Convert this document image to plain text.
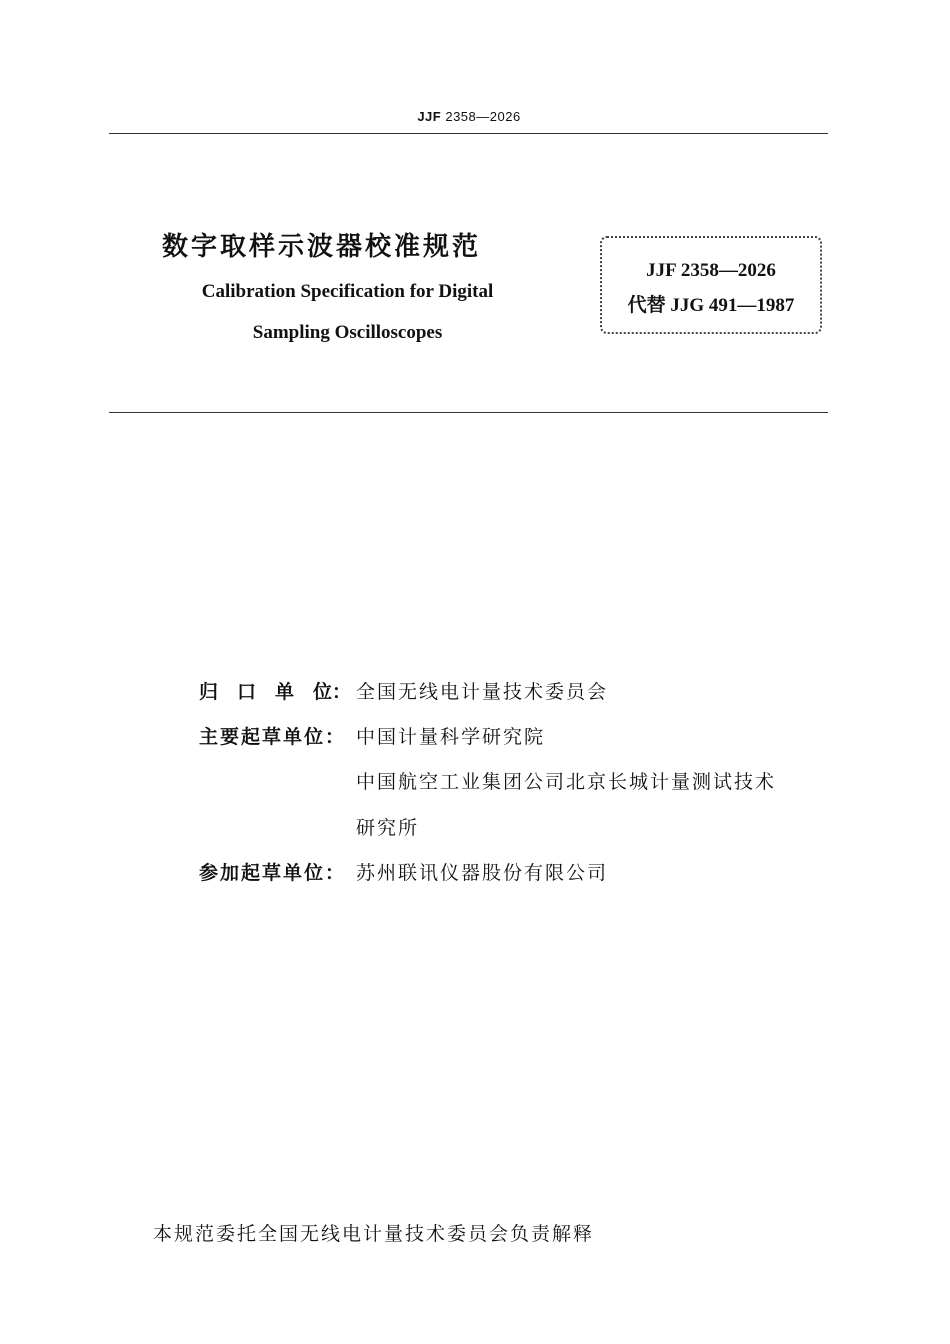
JJF 2358—2026
数字取样示波器校准规范
Calibration Specification for Digital
Sampling Oscilloscopes
JJF 2358—2026
代替 JJG 491—1987
归　口　单　位： 全国无线电计量技术委员会
主要起草单位： 中国计量科学研究院
中国航空工业集团公司北京长城计量测试技术
研究所
参加起草单位： 苏州联讯仪器股份有限公司
本规范委托全国无线电计量技术委员会负责解释
